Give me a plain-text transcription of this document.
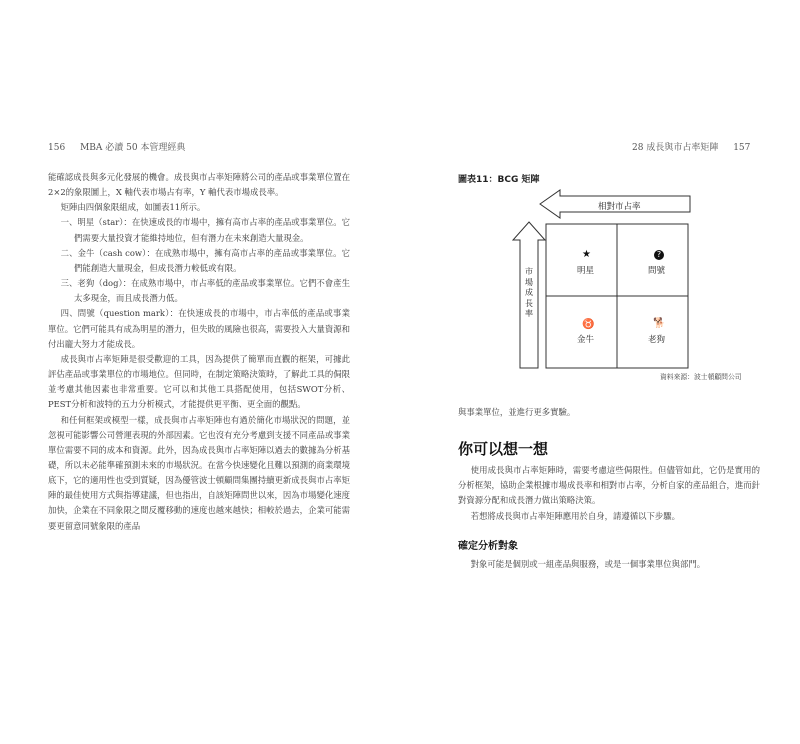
156 MBA 必讀 50 本管理經典

能確認成長與多元化發展的機會。成長與市占率矩陣將公司的產品或事業單位置在2×2的象限圖上，X 軸代表市場占有率，Y 軸代表市場成長率。

矩陣由四個象限組成，如圖表11所示。

一、明星（star）：在快速成長的市場中，擁有高市占率的產品或事業單位。它們需要大量投資才能維持地位，但有潛力在未來創造大量現金。

二、金牛（cash cow）：在成熟市場中，擁有高市占率的產品或事業單位。它們能創造大量現金，但成長潛力較低或有限。

三、老狗（dog）：在成熟市場中，市占率低的產品或事業單位。它們不會產生太多現金，而且成長潛力低。

四、問號（question mark）：在快速成長的市場中，市占率低的產品或事業單位。它們可能具有成為明星的潛力，但失敗的風險也很高，需要投入大量資源和付出龐大努力才能成長。

成長與市占率矩陣是很受歡迎的工具，因為提供了簡單而直觀的框架，可據此評估產品或事業單位的市場地位。但同時，在制定策略決策時，了解此工具的侷限並考慮其他因素也非常重要。它可以和其他工具搭配使用，包括SWOT分析、PEST分析和波特的五力分析模式，才能提供更平衡、更全面的觀點。

和任何框架或模型一樣，成長與市占率矩陣也有過於簡化市場狀況的問題，並忽視可能影響公司營運表現的外部因素。它也沒有充分考慮到支援不同產品或事業單位需要不同的成本和資源。此外，因為成長與市占率矩陣以過去的數據為分析基礎，所以未必能準確預測未來的市場狀況。在當今快速變化且難以預測的商業環境底下，它的適用性也受到質疑，因為優管波士頓顧問集團持續更新成長與市占率矩陣的最佳使用方式與指導建議，但也指出，自該矩陣問世以來，因為市場變化速度加快，企業在不同象限之間反覆移動的速度也越來越快；相較於過去，企業可能需要更留意同號象限的產品

28 成長與市占率矩陣 157
圖表11：BCG 矩陣
相對市占率
市場成長率
★
明星
?
問號
♉
金牛
🐕
老狗
資料來源：波士頓顧問公司

與事業單位，並進行更多實驗。

你可以想一想

使用成長與市占率矩陣時，需要考慮這些侷限性。但儘管如此，它仍是實用的分析框架，協助企業根據市場成長率和相對市占率，分析自家的產品組合，進而針對資源分配和成長潛力做出策略決策。

若想將成長與市占率矩陣應用於自身，請遵循以下步驟。

確定分析對象

對象可能是個別或一組產品與服務，或是一個事業單位與部門。
